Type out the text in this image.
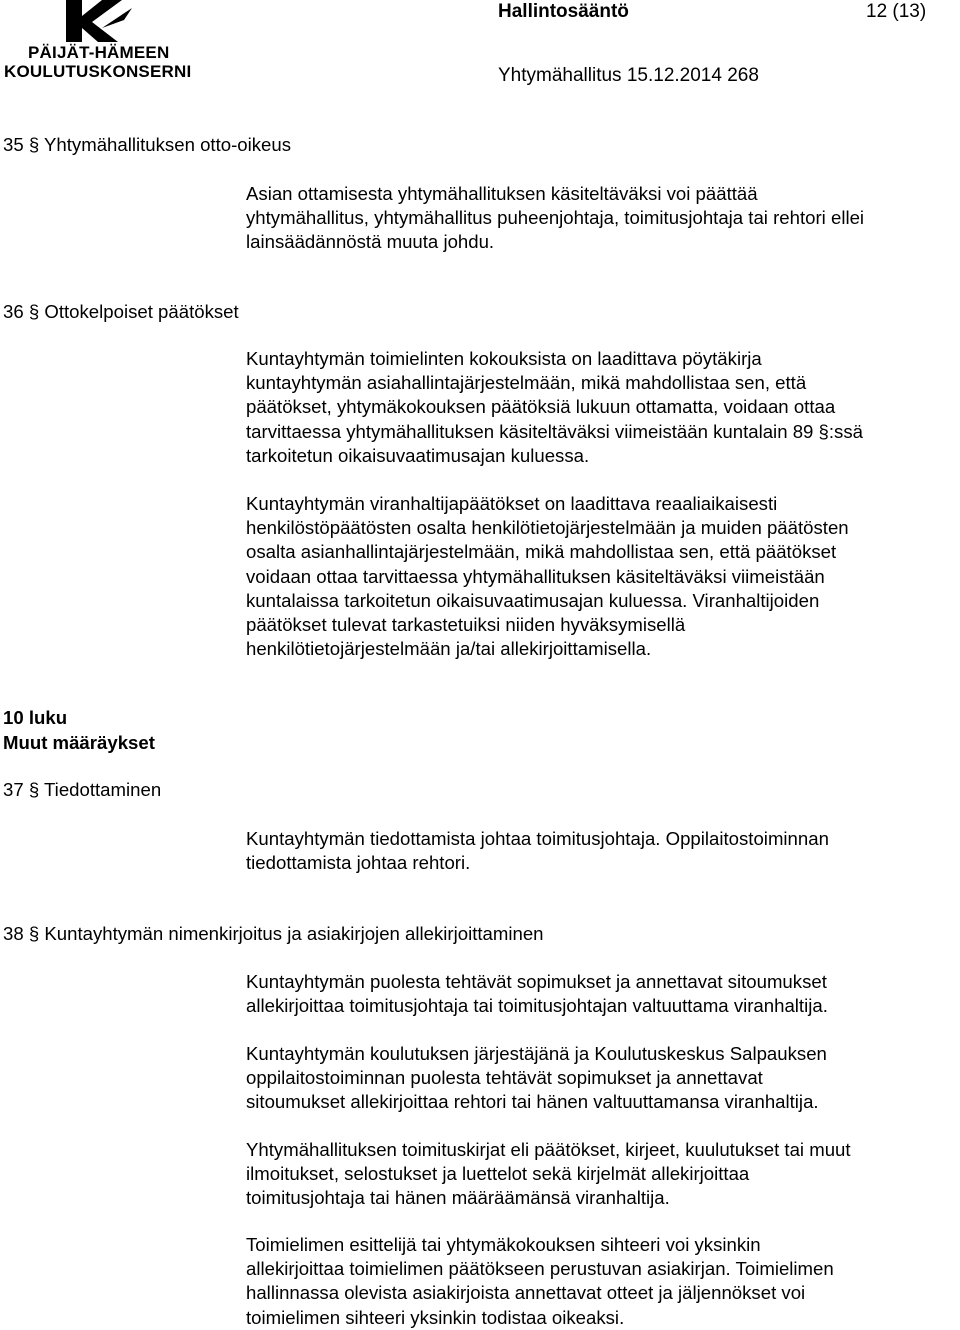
PÄIJÄT-HÄMEEN
KOULUTUSKONSERNI
Hallintosääntö	12 (13)
Yhtymähallitus 15.12.2014 268
35 § Yhtymähallituksen otto-oikeus
Asian ottamisesta yhtymähallituksen käsiteltäväksi voi päättää
yhtymähallitus, yhtymähallitus puheenjohtaja, toimitusjohtaja tai rehtori ellei
lainsäädännöstä muuta johdu.
36 § Ottokelpoiset päätökset
Kuntayhtymän toimielinten kokouksista on laadittava pöytäkirja
kuntayhtymän asiahallintajärjestelmään, mikä mahdollistaa sen, että
päätökset, yhtymäkokouksen päätöksiä lukuun ottamatta, voidaan ottaa
tarvittaessa yhtymähallituksen käsiteltäväksi viimeistään kuntalain 89 §:ssä
tarkoitetun oikaisuvaatimusajan kuluessa.
Kuntayhtymän viranhaltijapäätökset on laadittava reaaliaikaisesti
henkilöstöpäätösten osalta henkilötietojärjestelmään ja muiden päätösten
osalta asianhallintajärjestelmään, mikä mahdollistaa sen, että päätökset
voidaan ottaa tarvittaessa yhtymähallituksen käsiteltäväksi viimeistään
kuntalaissa tarkoitetun oikaisuvaatimusajan kuluessa. Viranhaltijoiden
päätökset tulevat tarkastetuiksi niiden hyväksymisellä
henkilötietojärjestelmään ja/tai allekirjoittamisella.
10 luku
Muut määräykset
37 § Tiedottaminen
Kuntayhtymän tiedottamista johtaa toimitusjohtaja. Oppilaitostoiminnan
tiedottamista johtaa rehtori.
38 § Kuntayhtymän nimenkirjoitus ja asiakirjojen allekirjoittaminen
Kuntayhtymän puolesta tehtävät sopimukset ja annettavat sitoumukset
allekirjoittaa toimitusjohtaja tai toimitusjohtajan valtuuttama viranhaltija.
Kuntayhtymän koulutuksen järjestäjänä ja Koulutuskeskus Salpauksen
oppilaitostoiminnan puolesta tehtävät sopimukset ja annettavat
sitoumukset allekirjoittaa rehtori tai hänen valtuuttamansa viranhaltija.
Yhtymähallituksen toimituskirjat eli päätökset, kirjeet, kuulutukset tai muut
ilmoitukset, selostukset ja luettelot sekä kirjelmät allekirjoittaa
toimitusjohtaja tai hänen määräämänsä viranhaltija.
Toimielimen esittelijä tai yhtymäkokouksen sihteeri voi yksinkin
allekirjoittaa toimielimen päätökseen perustuvan asiakirjan. Toimielimen
hallinnassa olevista asiakirjoista annettavat otteet ja jäljennökset voi
toimielimen sihteeri yksinkin todistaa oikeaksi.
